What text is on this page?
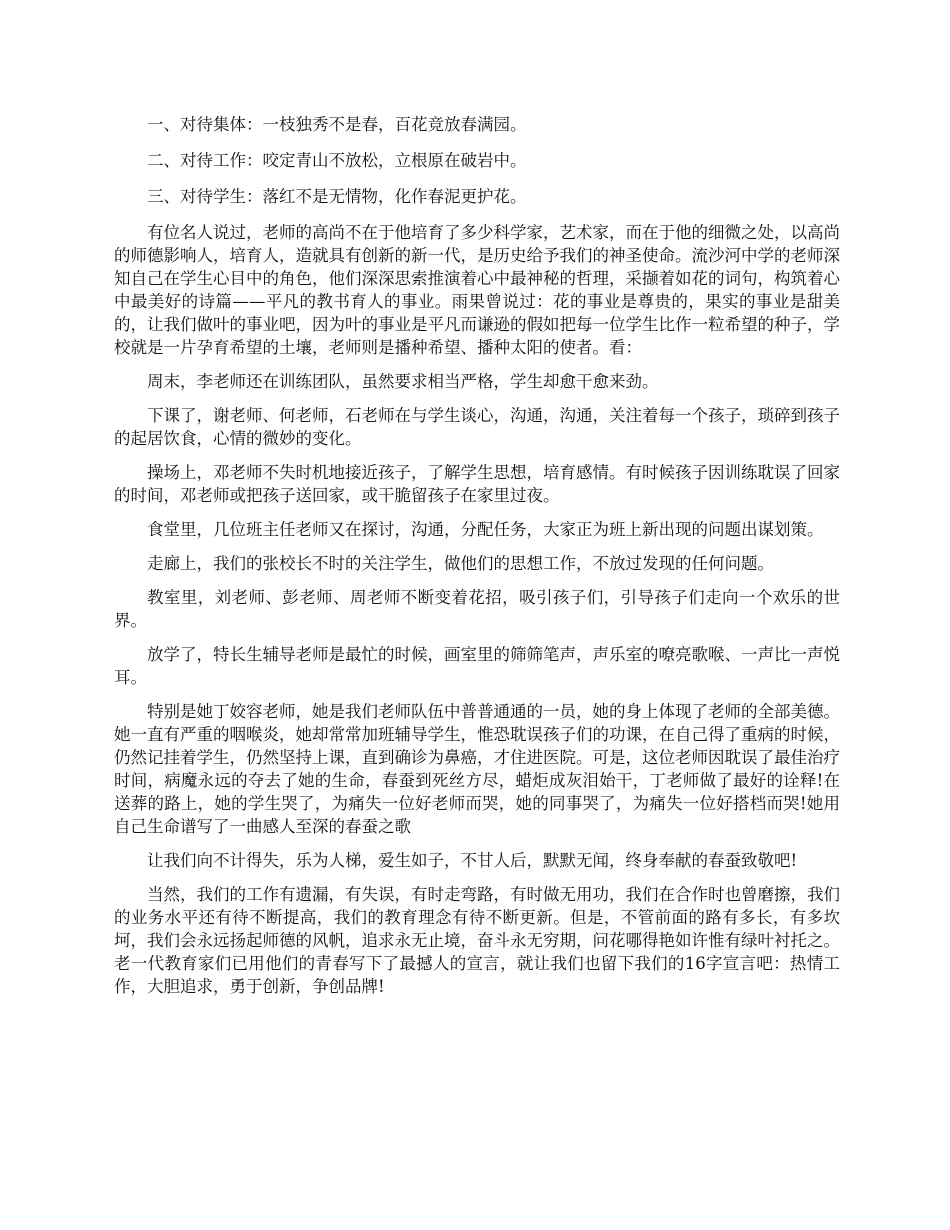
一、对待集体：一枝独秀不是春，百花竞放春满园。

二、对待工作：咬定青山不放松，立根原在破岩中。

三、对待学生：落红不是无情物，化作春泥更护花。

有位名人说过，老师的高尚不在于他培育了多少科学家，艺术家，而在于他的细微之处，以高尚的师德影响人，培育人，造就具有创新的新一代，是历史给予我们的神圣使命。流沙河中学的老师深知自己在学生心目中的角色，他们深深思索推演着心中最神秘的哲理，采撷着如花的词句，构筑着心中最美好的诗篇——平凡的教书育人的事业。雨果曾说过：花的事业是尊贵的，果实的事业是甜美的，让我们做叶的事业吧，因为叶的事业是平凡而谦逊的假如把每一位学生比作一粒希望的种子，学校就是一片孕育希望的土壤，老师则是播种希望、播种太阳的使者。看：

周末，李老师还在训练团队，虽然要求相当严格，学生却愈干愈来劲。

下课了，谢老师、何老师，石老师在与学生谈心，沟通，沟通，关注着每一个孩子，琐碎到孩子的起居饮食，心情的微妙的变化。

操场上，邓老师不失时机地接近孩子，了解学生思想，培育感情。有时候孩子因训练耽误了回家的时间，邓老师或把孩子送回家，或干脆留孩子在家里过夜。

食堂里，几位班主任老师又在探讨，沟通，分配任务，大家正为班上新出现的问题出谋划策。

走廊上，我们的张校长不时的关注学生，做他们的思想工作，不放过发现的任何问题。

教室里，刘老师、彭老师、周老师不断变着花招，吸引孩子们，引导孩子们走向一个欢乐的世界。

放学了，特长生辅导老师是最忙的时候，画室里的筛筛笔声，声乐室的嘹亮歌喉、一声比一声悦耳。

特别是她丁姣容老师，她是我们老师队伍中普普通通的一员，她的身上体现了老师的全部美德。她一直有严重的咽喉炎，她却常常加班辅导学生，惟恐耽误孩子们的功课，在自己得了重病的时候，仍然记挂着学生，仍然坚持上课，直到确诊为鼻癌，才住进医院。可是，这位老师因耽误了最佳治疗时间，病魔永远的夺去了她的生命，春蚕到死丝方尽，蜡炬成灰泪始干，丁老师做了最好的诠释!在送葬的路上，她的学生哭了，为痛失一位好老师而哭，她的同事哭了，为痛失一位好搭档而哭!她用自己生命谱写了一曲感人至深的春蚕之歌

让我们向不计得失，乐为人梯，爱生如子，不甘人后，默默无闻，终身奉献的春蚕致敬吧!

当然，我们的工作有遗漏，有失误，有时走弯路，有时做无用功，我们在合作时也曾磨擦，我们的业务水平还有待不断提高，我们的教育理念有待不断更新。但是，不管前面的路有多长，有多坎坷，我们会永远扬起师德的风帆，追求永无止境，奋斗永无穷期，问花哪得艳如许惟有绿叶衬托之。老一代教育家们已用他们的青春写下了最撼人的宣言，就让我们也留下我们的16字宣言吧：热情工作，大胆追求，勇于创新，争创品牌!
